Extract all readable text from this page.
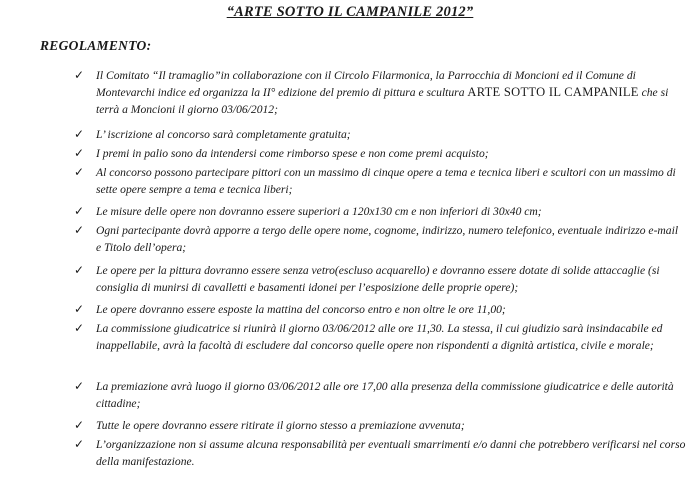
“ARTE SOTTO IL CAMPANILE 2012”
REGOLAMENTO:
✓	Il Comitato “Il tramaglio”in collaborazione con il Circolo Filarmonica, la Parrocchia di Moncioni ed il Comune di Montevarchi indice ed organizza la II° edizione del premio di pittura e scultura ARTE SOTTO IL CAMPANILE che si terrà a Moncioni il giorno 03/06/2012;
✓	L’ iscrizione al concorso sarà completamente gratuita;
✓	I premi in palio sono da intendersi come rimborso spese e non come premi acquisto;
✓	Al concorso possono partecipare pittori con un massimo di cinque opere a tema e tecnica liberi e scultori con un massimo di sette opere sempre a tema e tecnica liberi;
✓	Le misure delle opere non dovranno essere superiori a 120x130 cm e non inferiori di 30x40 cm;
✓	Ogni partecipante dovrà apporre a tergo delle opere nome, cognome, indirizzo, numero telefonico, eventuale indirizzo e-mail e Titolo dell’opera;
✓	Le opere per la pittura dovranno essere senza vetro(escluso acquarello) e dovranno essere dotate di solide attaccaglie (si consiglia di munirsi di cavalletti e basamenti idonei per l’esposizione delle proprie opere);
✓	Le opere dovranno essere esposte la mattina del concorso entro e non oltre le ore 11,00;
✓	La commissione giudicatrice si riunirà il giorno 03/06/2012 alle ore 11,30. La stessa, il cui giudizio sarà insindacabile ed inappellabile, avrà la facoltà di escludere dal concorso quelle opere non rispondenti a dignità artistica, civile e morale;
✓	La premiazione avrà luogo il giorno 03/06/2012 alle ore 17,00 alla presenza della commissione giudicatrice e delle autorità cittadine;
✓	Tutte le opere dovranno essere ritirate il giorno stesso a premiazione avvenuta;
✓	L’organizzazione non si assume alcuna responsabilità per eventuali smarrimenti e/o danni che potrebbero verificarsi nel corso della manifestazione.
